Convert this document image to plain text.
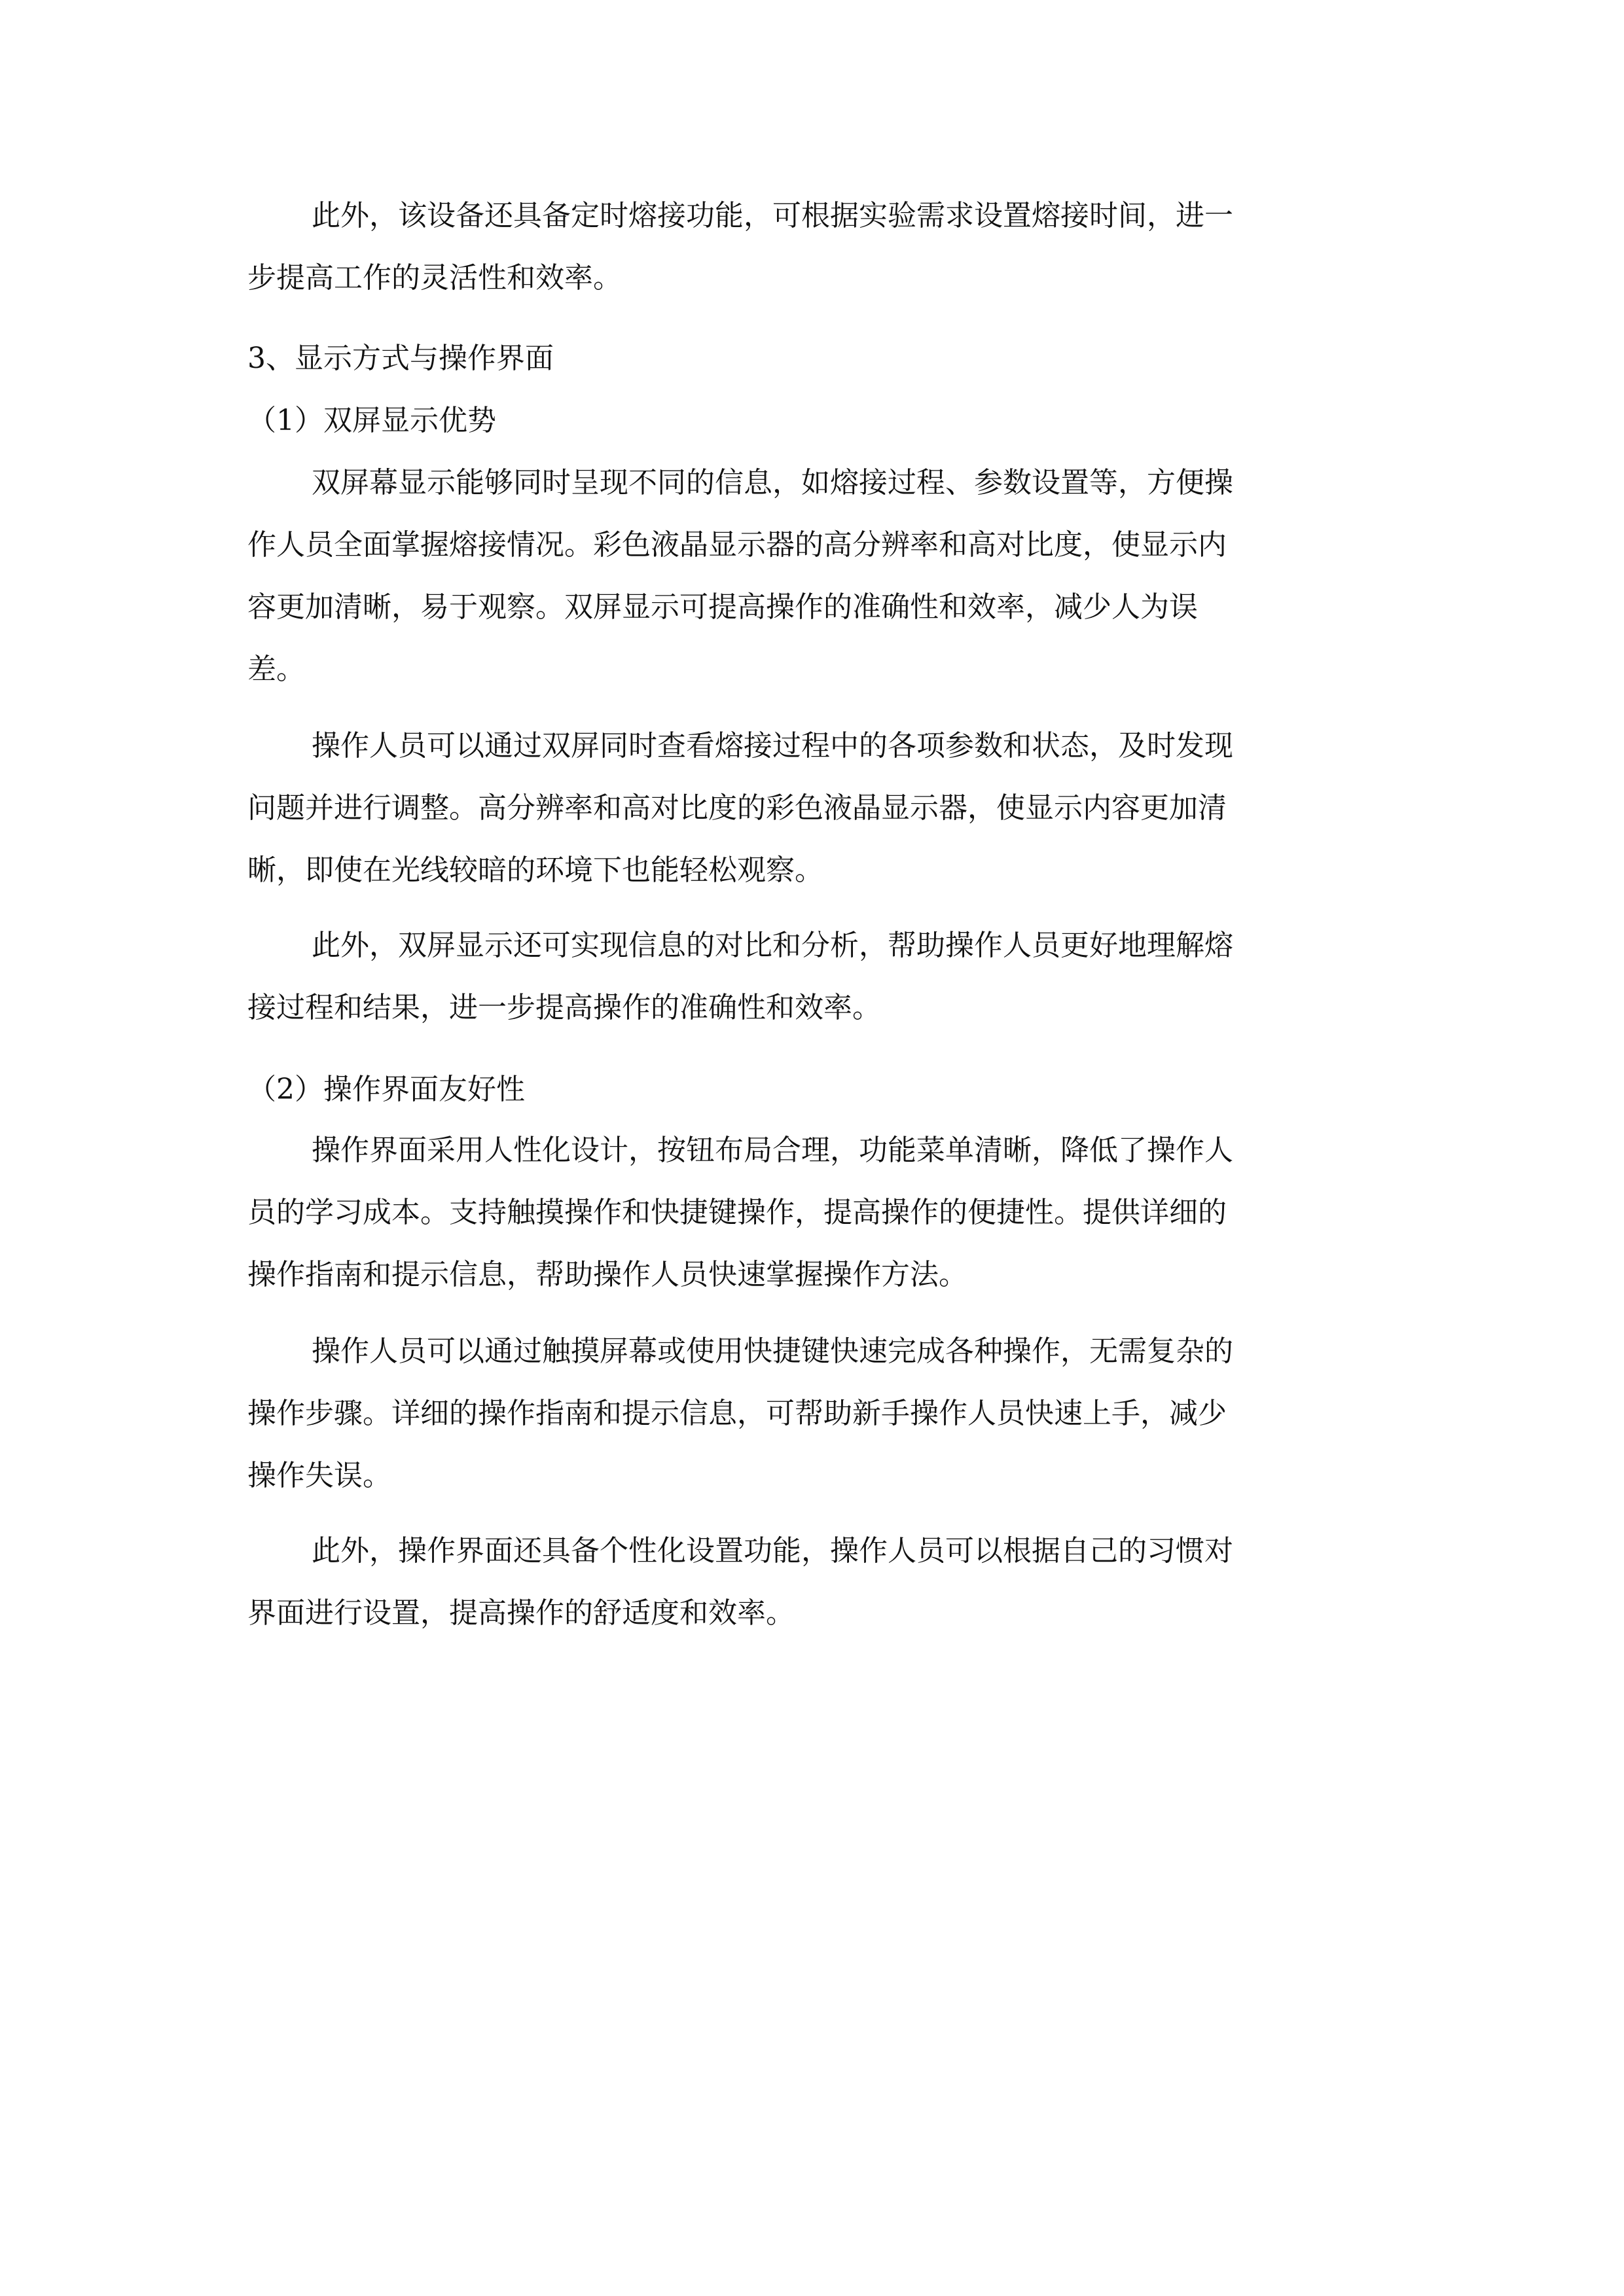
此外，该设备还具备定时熔接功能，可根据实验需求设置熔接时间，进一

步提高工作的灵活性和效率。

3、显示方式与操作界面

（1）双屏显示优势

双屏幕显示能够同时呈现不同的信息，如熔接过程、参数设置等，方便操

作人员全面掌握熔接情况。彩色液晶显示器的高分辨率和高对比度，使显示内

容更加清晰，易于观察。双屏显示可提高操作的准确性和效率，减少人为误

差。

操作人员可以通过双屏同时查看熔接过程中的各项参数和状态，及时发现

问题并进行调整。高分辨率和高对比度的彩色液晶显示器，使显示内容更加清

晰，即使在光线较暗的环境下也能轻松观察。

此外，双屏显示还可实现信息的对比和分析，帮助操作人员更好地理解熔

接过程和结果，进一步提高操作的准确性和效率。

（2）操作界面友好性

操作界面采用人性化设计，按钮布局合理，功能菜单清晰，降低了操作人

员的学习成本。支持触摸操作和快捷键操作，提高操作的便捷性。提供详细的

操作指南和提示信息，帮助操作人员快速掌握操作方法。

操作人员可以通过触摸屏幕或使用快捷键快速完成各种操作，无需复杂的

操作步骤。详细的操作指南和提示信息，可帮助新手操作人员快速上手，减少

操作失误。

此外，操作界面还具备个性化设置功能，操作人员可以根据自己的习惯对

界面进行设置，提高操作的舒适度和效率。
